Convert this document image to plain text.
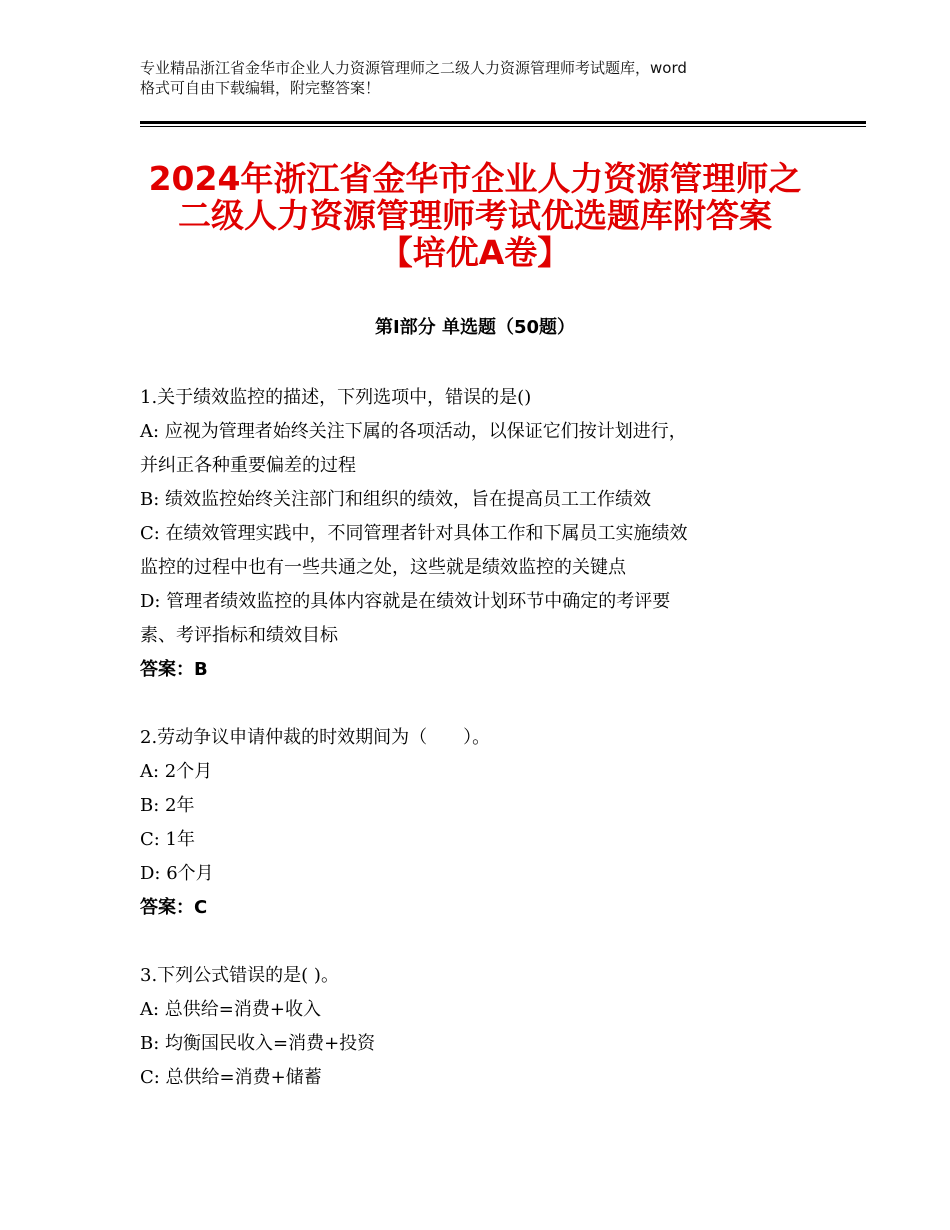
专业精品浙江省金华市企业人力资源管理师之二级人力资源管理师考试题库，word
格式可自由下载编辑，附完整答案！
2024年浙江省金华市企业人力资源管理师之
二级人力资源管理师考试优选题库附答案
【培优A卷】
第Ⅰ部分 单选题（50题）
1.关于绩效监控的描述，下列选项中，错误的是()
A: 应视为管理者始终关注下属的各项活动，以保证它们按计划进行，
并纠正各种重要偏差的过程
B: 绩效监控始终关注部门和组织的绩效，旨在提高员工工作绩效
C: 在绩效管理实践中，不同管理者针对具体工作和下属员工实施绩效
监控的过程中也有一些共通之处，这些就是绩效监控的关键点
D: 管理者绩效监控的具体内容就是在绩效计划环节中确定的考评要
素、考评指标和绩效目标
答案：B
2.劳动争议申请仲裁的时效期间为（　　）。
A: 2个月
B: 2年
C: 1年
D: 6个月
答案：C
3.下列公式错误的是( )。
A: 总供给=消费+收入
B: 均衡国民收入=消费+投资
C: 总供给=消费+储蓄
